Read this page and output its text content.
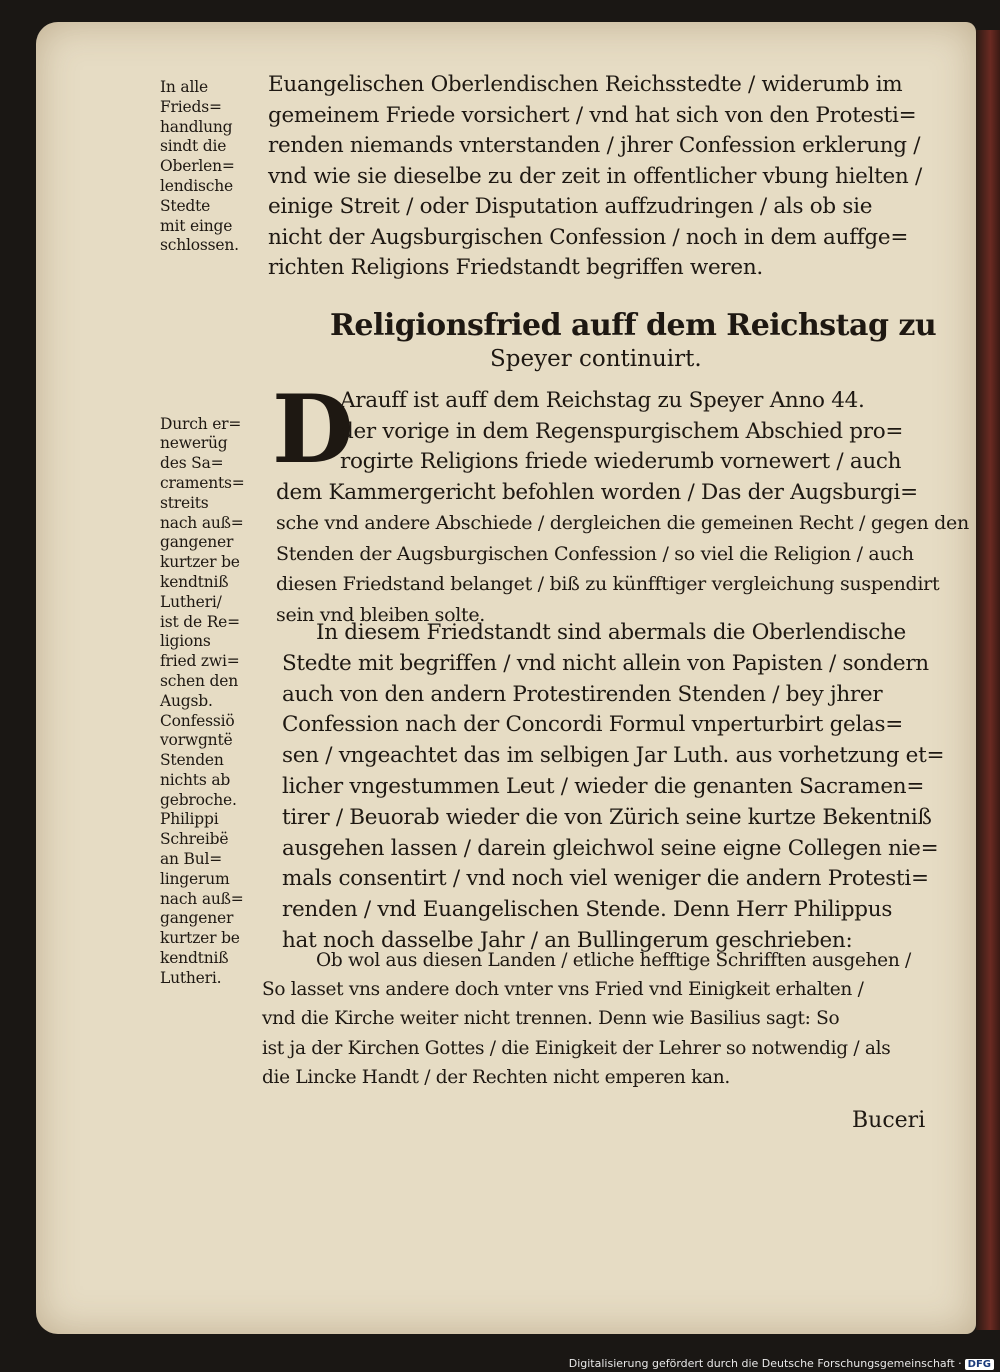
In alle
Frieds=
handlung
sindt die
Oberlen=
lendische
Stedte
mit einge
schlossen.

Durch er=
newerüg
des Sa=
craments=
streits
nach auß=
gangener
kurtzer be
kendtniß
Lutheri/
ist de Re=
ligions
fried zwi=
schen den
Augsb.
Confessiö
vorwgntë
Stenden
nichts ab
gebroche.
Philippi
Schreibë
an Bul=
lingerum
nach auß=
gangener
kurtzer be
kendtniß
Lutheri.
Euangelischen Oberlendischen Reichsstedte / widerumb im
gemeinem Friede vorsichert / vnd hat sich von den Protesti=
renden niemands vnterstanden / jhrer Confession erklerung /
vnd wie sie dieselbe zu der zeit in offentlicher vbung hielten /
einige Streit / oder Disputation auffzudringen / als ob sie
nicht der Augsburgischen Confession / noch in dem auffge=
richten Religions Friedstandt begriffen weren.
Religionsfried auff dem Reichstag zu
Speyer continuirt.
D
Arauff ist auff dem Reichstag zu Speyer Anno 44.
der vorige in dem Regenspurgischem Abschied pro=
rogirte Religions friede wiederumb vornewert / auch
dem Kammergericht befohlen worden / Das der Augsburgi=
sche vnd andere Abschiede / dergleichen die gemeinen Recht / gegen den
Stenden der Augsburgischen Confession / so viel die Religion / auch
diesen Friedstand belanget / biß zu künfftiger vergleichung suspendirt
sein vnd bleiben solte.
In diesem Friedstandt sind abermals die Oberlendische
Stedte mit begriffen / vnd nicht allein von Papisten / sondern
auch von den andern Protestirenden Stenden / bey jhrer
Confession nach der Concordi Formul vnperturbirt gelas=
sen / vngeachtet das im selbigen Jar Luth. aus vorhetzung et=
licher vngestummen Leut / wieder die genanten Sacramen=
tirer / Beuorab wieder die von Zürich seine kurtze Bekentniß
ausgehen lassen / darein gleichwol seine eigne Collegen nie=
mals consentirt / vnd noch viel weniger die andern Protesti=
renden / vnd Euangelischen Stende. Denn Herr Philippus
hat noch dasselbe Jahr / an Bullingerum geschrieben:
Ob wol aus diesen Landen / etliche hefftige Schrifften ausgehen /
So lasset vns andere doch vnter vns Fried vnd Einigkeit erhalten /
vnd die Kirche weiter nicht trennen. Denn wie Basilius sagt: So
ist ja der Kirchen Gottes / die Einigkeit der Lehrer so notwendig / als
die Lincke Handt / der Rechten nicht emperen kan.
Buceri
Digitalisierung gefördert durch die Deutsche Forschungsgemeinschaft · DFG
